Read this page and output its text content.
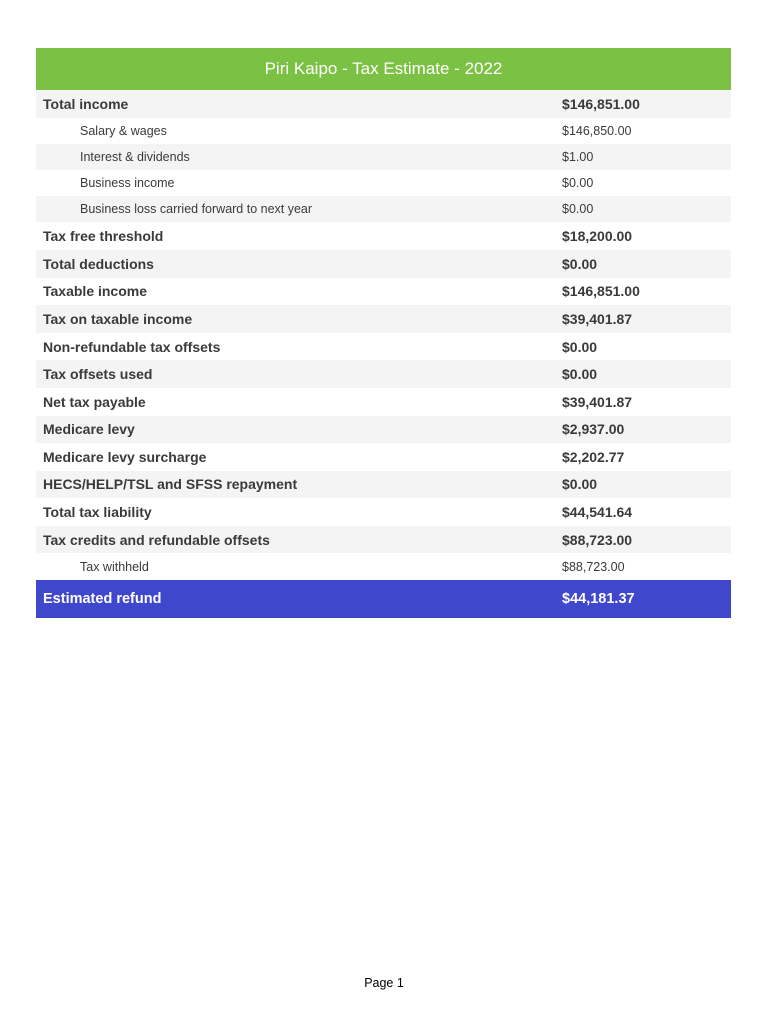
Piri Kaipo - Tax Estimate - 2022
Total income	$146,851.00
Salary & wages	$146,850.00
Interest & dividends	$1.00
Business income	$0.00
Business loss carried forward to next year	$0.00
Tax free threshold	$18,200.00
Total deductions	$0.00
Taxable income	$146,851.00
Tax on taxable income	$39,401.87
Non-refundable tax offsets	$0.00
Tax offsets used	$0.00
Net tax payable	$39,401.87
Medicare levy	$2,937.00
Medicare levy surcharge	$2,202.77
HECS/HELP/TSL and SFSS repayment	$0.00
Total tax liability	$44,541.64
Tax credits and refundable offsets	$88,723.00
Tax withheld	$88,723.00
Estimated refund	$44,181.37
Page 1
